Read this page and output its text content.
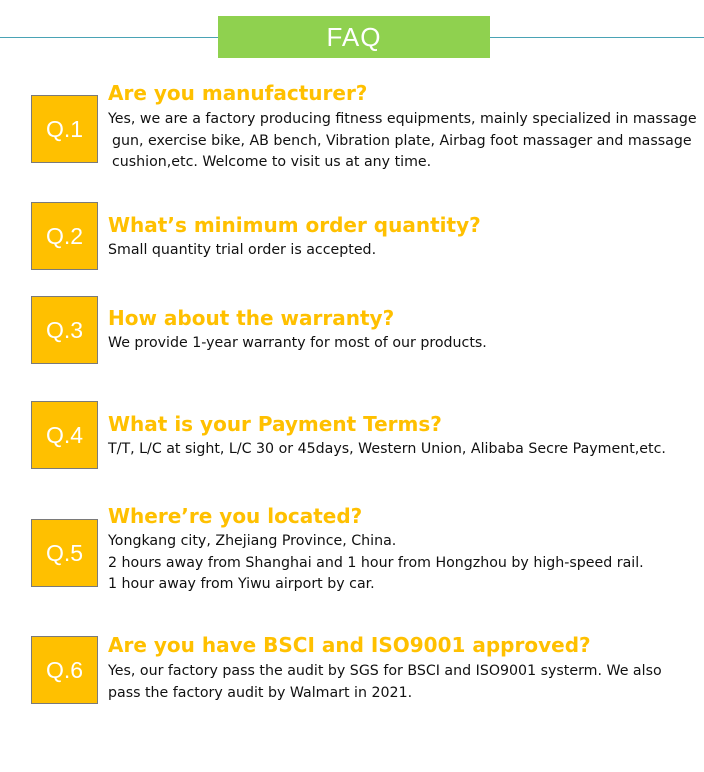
FAQ
Q.1
Are you manufacturer?
Yes, we are a factory producing fitness equipments, mainly specialized in massage
gun, exercise bike, AB bench, Vibration plate, Airbag foot massager and massage
cushion,etc. Welcome to visit us at any time.
Q.2	What’s minimum order quantity?
Small quantity trial order is accepted.
Q.3	How about the warranty?
We provide 1-year warranty for most of our products.
Q.4	What is your Payment Terms?
T/T, L/C at sight, L/C 30 or 45days, Western Union, Alibaba Secre Payment,etc.
Q.5
Where’re you located?
Yongkang city, Zhejiang Province, China.
2 hours away from Shanghai and 1 hour from Hongzhou by high-speed rail.
1 hour away from Yiwu airport by car.
Q.6
Are you have BSCI and ISO9001 approved?
Yes, our factory pass the audit by SGS for BSCI and ISO9001 systerm. We also
pass the factory audit by Walmart in 2021.
